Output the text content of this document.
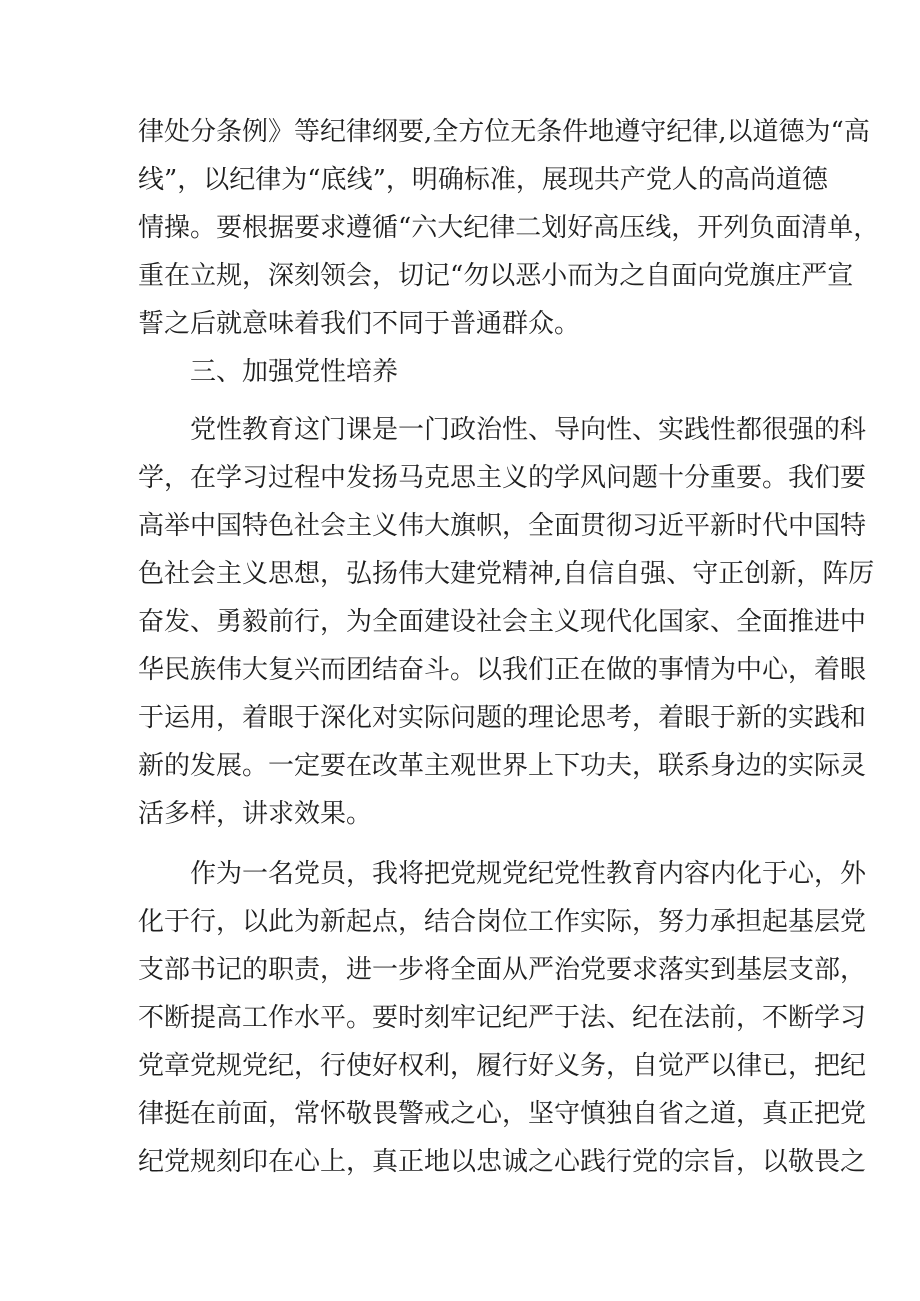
律处分条例》等纪律纲要,全方位无条件地遵守纪律,以道德为“高
线”，以纪律为“底线”，明确标准，展现共产党人的高尚道德
情操。要根据要求遵循“六大纪律二划好高压线，开列负面清单，
重在立规，深刻领会，切记“勿以恶小而为之自面向党旗庄严宣
誓之后就意味着我们不同于普通群众。
三、加强党性培养
党性教育这门课是一门政治性、导向性、实践性都很强的科
学，在学习过程中发扬马克思主义的学风问题十分重要。我们要
高举中国特色社会主义伟大旗帜，全面贯彻习近平新时代中国特
色社会主义思想，弘扬伟大建党精神,自信自强、守正创新，阵厉
奋发、勇毅前行，为全面建设社会主义现代化国家、全面推进中
华民族伟大复兴而团结奋斗。以我们正在做的事情为中心，着眼
于运用，着眼于深化对实际问题的理论思考，着眼于新的实践和
新的发展。一定要在改革主观世界上下功夫，联系身边的实际灵
活多样，讲求效果。
作为一名党员，我将把党规党纪党性教育内容内化于心，外
化于行，以此为新起点，结合岗位工作实际，努力承担起基层党
支部书记的职责，进一步将全面从严治党要求落实到基层支部，
不断提高工作水平。要时刻牢记纪严于法、纪在法前，不断学习
党章党规党纪，行使好权利，履行好义务，自觉严以律已，把纪
律挺在前面，常怀敬畏警戒之心，坚守慎独自省之道，真正把党
纪党规刻印在心上，真正地以忠诚之心践行党的宗旨，以敬畏之
